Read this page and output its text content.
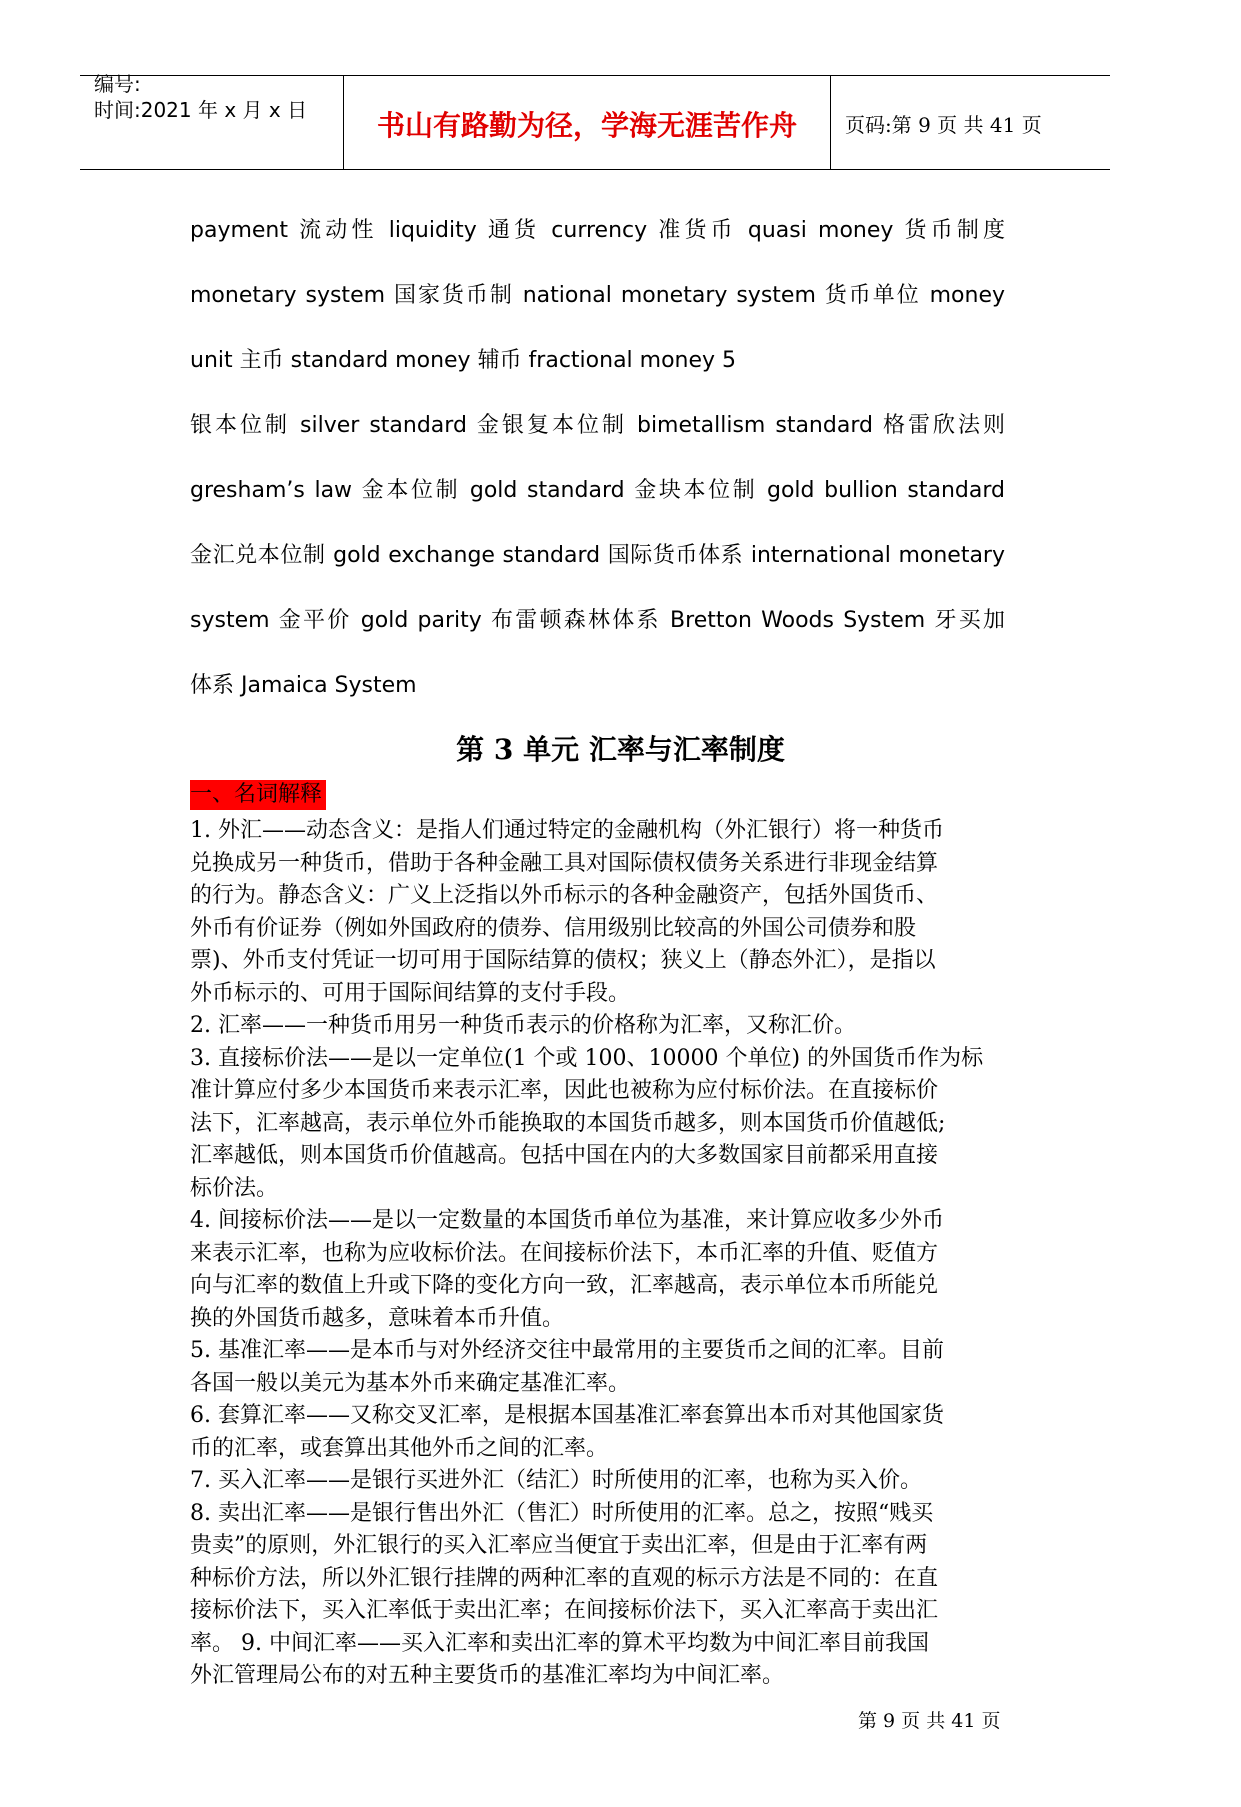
编号:
时间:2021 年 x 月 x 日	书山有路勤为径，学海无涯苦作舟	页码:第 9 页 共 41 页
payment 流动性 liquidity 通货 currency 准货币 quasi money 货币制度
monetary system 国家货币制 national monetary system 货币单位 money
unit 主币 standard money 辅币 fractional money 5
银本位制 silver standard 金银复本位制 bimetallism standard 格雷欣法则
gresham’s law 金本位制 gold standard 金块本位制 gold bullion standard
金汇兑本位制 gold exchange standard 国际货币体系 international monetary
system 金平价 gold parity 布雷顿森林体系 Bretton Woods System 牙买加
体系 Jamaica System
第 3 单元 汇率与汇率制度
一、名词解释
1. 外汇——动态含义：是指人们通过特定的金融机构（外汇银行）将一种货币
兑换成另一种货币，借助于各种金融工具对国际债权债务关系进行非现金结算
的行为。静态含义：广义上泛指以外币标示的各种金融资产，包括外国货币、
外币有价证券（例如外国政府的债券、信用级别比较高的外国公司债券和股
票)、外币支付凭证一切可用于国际结算的债权；狭义上（静态外汇），是指以
外币标示的、可用于国际间结算的支付手段。
2. 汇率——一种货币用另一种货币表示的价格称为汇率，又称汇价。
3. 直接标价法——是以一定单位(1 个或 100、10000 个单位) 的外国货币作为标
准计算应付多少本国货币来表示汇率，因此也被称为应付标价法。在直接标价
法下，汇率越高，表示单位外币能换取的本国货币越多，则本国货币价值越低;
汇率越低，则本国货币价值越高。包括中国在内的大多数国家目前都采用直接
标价法。
4. 间接标价法——是以一定数量的本国货币单位为基准，来计算应收多少外币
来表示汇率，也称为应收标价法。在间接标价法下，本币汇率的升值、贬值方
向与汇率的数值上升或下降的变化方向一致，汇率越高，表示单位本币所能兑
换的外国货币越多，意味着本币升值。
5. 基准汇率——是本币与对外经济交往中最常用的主要货币之间的汇率。目前
各国一般以美元为基本外币来确定基准汇率。
6. 套算汇率——又称交叉汇率，是根据本国基准汇率套算出本币对其他国家货
币的汇率，或套算出其他外币之间的汇率。
7. 买入汇率——是银行买进外汇（结汇）时所使用的汇率，也称为买入价。
8. 卖出汇率——是银行售出外汇（售汇）时所使用的汇率。总之，按照“贱买
贵卖”的原则，外汇银行的买入汇率应当便宜于卖出汇率，但是由于汇率有两
种标价方法，所以外汇银行挂牌的两种汇率的直观的标示方法是不同的：在直
接标价法下，买入汇率低于卖出汇率；在间接标价法下，买入汇率高于卖出汇
率。 9. 中间汇率——买入汇率和卖出汇率的算术平均数为中间汇率目前我国
外汇管理局公布的对五种主要货币的基准汇率均为中间汇率。
第 9 页 共 41 页
